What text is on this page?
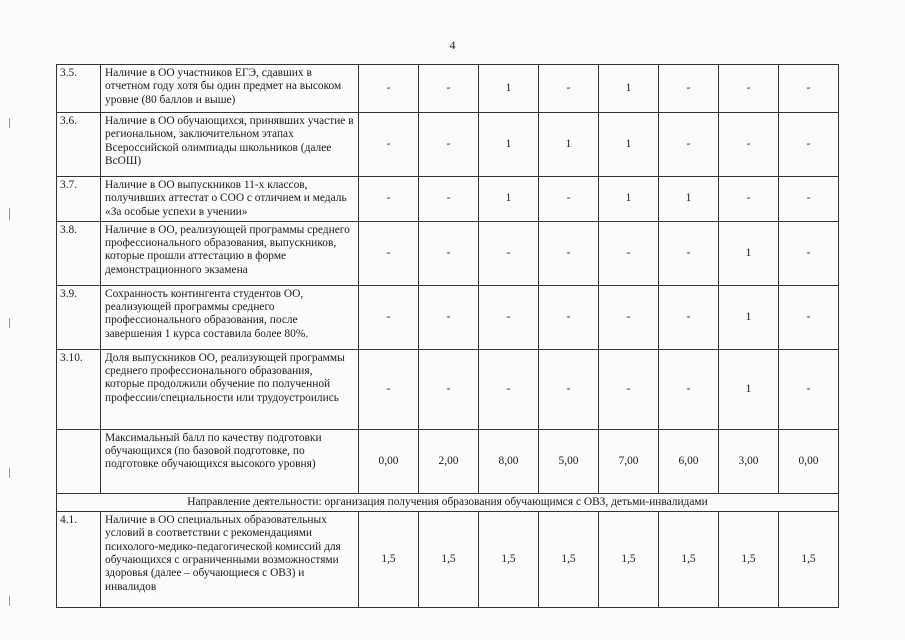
4
3.5.	Наличие в ОО участников ЕГЭ, сдавших в отчетном году хотя бы один предмет на высоком уровне (80 баллов и выше)	-	-	1	-	1	-	-	-
3.6.	Наличие в ОО обучающихся, принявших участие в региональном, заключительном этапах Всероссийской олимпиады школьников (далее ВсОШ)	-	-	1	1	1	-	-	-
3.7.	Наличие в ОО выпускников 11-х классов, получивших аттестат о СОО с отличием и медаль «За особые успехи в учении»	-	-	1	-	1	1	-	-
3.8.	Наличие в ОО, реализующей программы среднего профессионального образования, выпускников, которые прошли аттестацию в форме демонстрационного экзамена	-	-	-	-	-	-	1	-
3.9.	Сохранность контингента студентов ОО, реализующей программы среднего профессионального образования, после завершения 1 курса составила более 80%.	-	-	-	-	-	-	1	-
3.10.	Доля выпускников ОО, реализующей программы среднего профессионального образования, которые продолжили обучение по полученной профессии/специальности или трудоустроились	-	-	-	-	-	-	1	-
	Максимальный балл по качеству подготовки обучающихся (по базовой подготовке, по подготовке обучающихся высокого уровня)	0,00	2,00	8,00	5,00	7,00	6,00	3,00	0,00
Направление деятельности: организация получения образования обучающимся с ОВЗ, детьми-инвалидами									
4.1.	Наличие в ОО специальных образовательных условий в соответствии с рекомендациями психолого-медико-педагогической комиссий для обучающихся с ограниченными возможностями здоровья (далее – обучающиеся с ОВЗ) и инвалидов	1,5	1,5	1,5	1,5	1,5	1,5	1,5	1,5
